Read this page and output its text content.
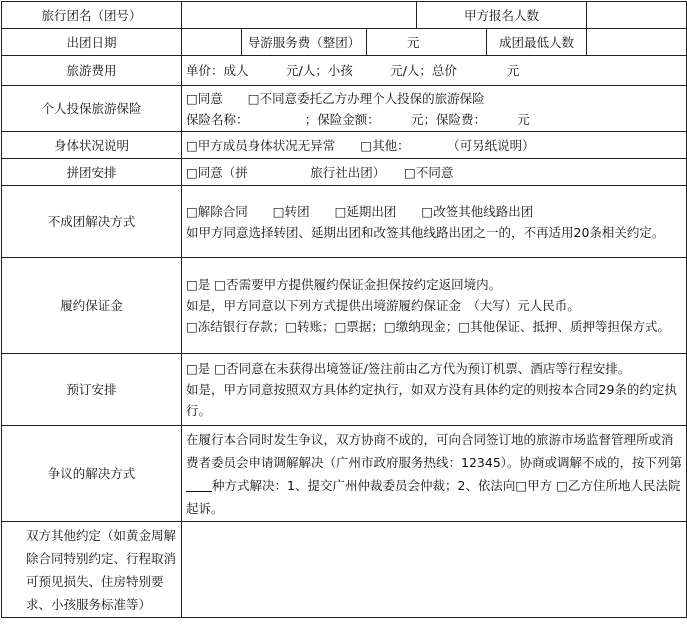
旅行团名（团号）				甲方报名人数		
出团日期		导游服务费（整团）	元		成团最低人数	
旅游费用	单价：成人　　　元/人；小孩　　　元/人；总价　　　　元					

个人投保旅游保险	□同意　　□不同意委托乙方办理个人投保的旅游保险
保险名称：　　　　　；保险金额：　　　元；保险费：　　　元					

身体状况说明	□甲方成员身体状况无异常　　□其他：　　　　（可另纸说明）					

拼团安排	□同意（拼　　　　　旅行社出团）　　□不同意					

不成团解决方式	□解除合同　　□转团　　□延期出团　　□改签其他线路出团
如甲方同意选择转团、延期出团和改签其他线路出团之一的，不再适用20条相关约定。					

履约保证金	□是 □否需要甲方提供履约保证金担保按约定返回境内。
如是，甲方同意以下列方式提供出境游履约保证金　（大写）元人民币。
□冻结银行存款；□转账；□票据；□缴纳现金；□其他保证、抵押、质押等担保方式。					

预订安排	□是 □否同意在未获得出境签证/签注前由乙方代为预订机票、酒店等行程安排。
如是，甲方同意按照双方具体约定执行，如双方没有具体约定的则按本合同29条的约定执行。					

争议的解决方式	在履行本合同时发生争议，双方协商不成的，可向合同签订地的旅游市场监督管理所或消费者委员会申请调解解决（广州市政府服务热线：12345）。协商或调解不成的，按下列第种方式解决：1、提交广州仲裁委员会仲裁；2、依法向□甲方 □乙方住所地人民法院起诉。					

双方其他约定（如黄金周解除合同特别约定、行程取消可预见损失、住房特别要求、小孩服务标准等）						
